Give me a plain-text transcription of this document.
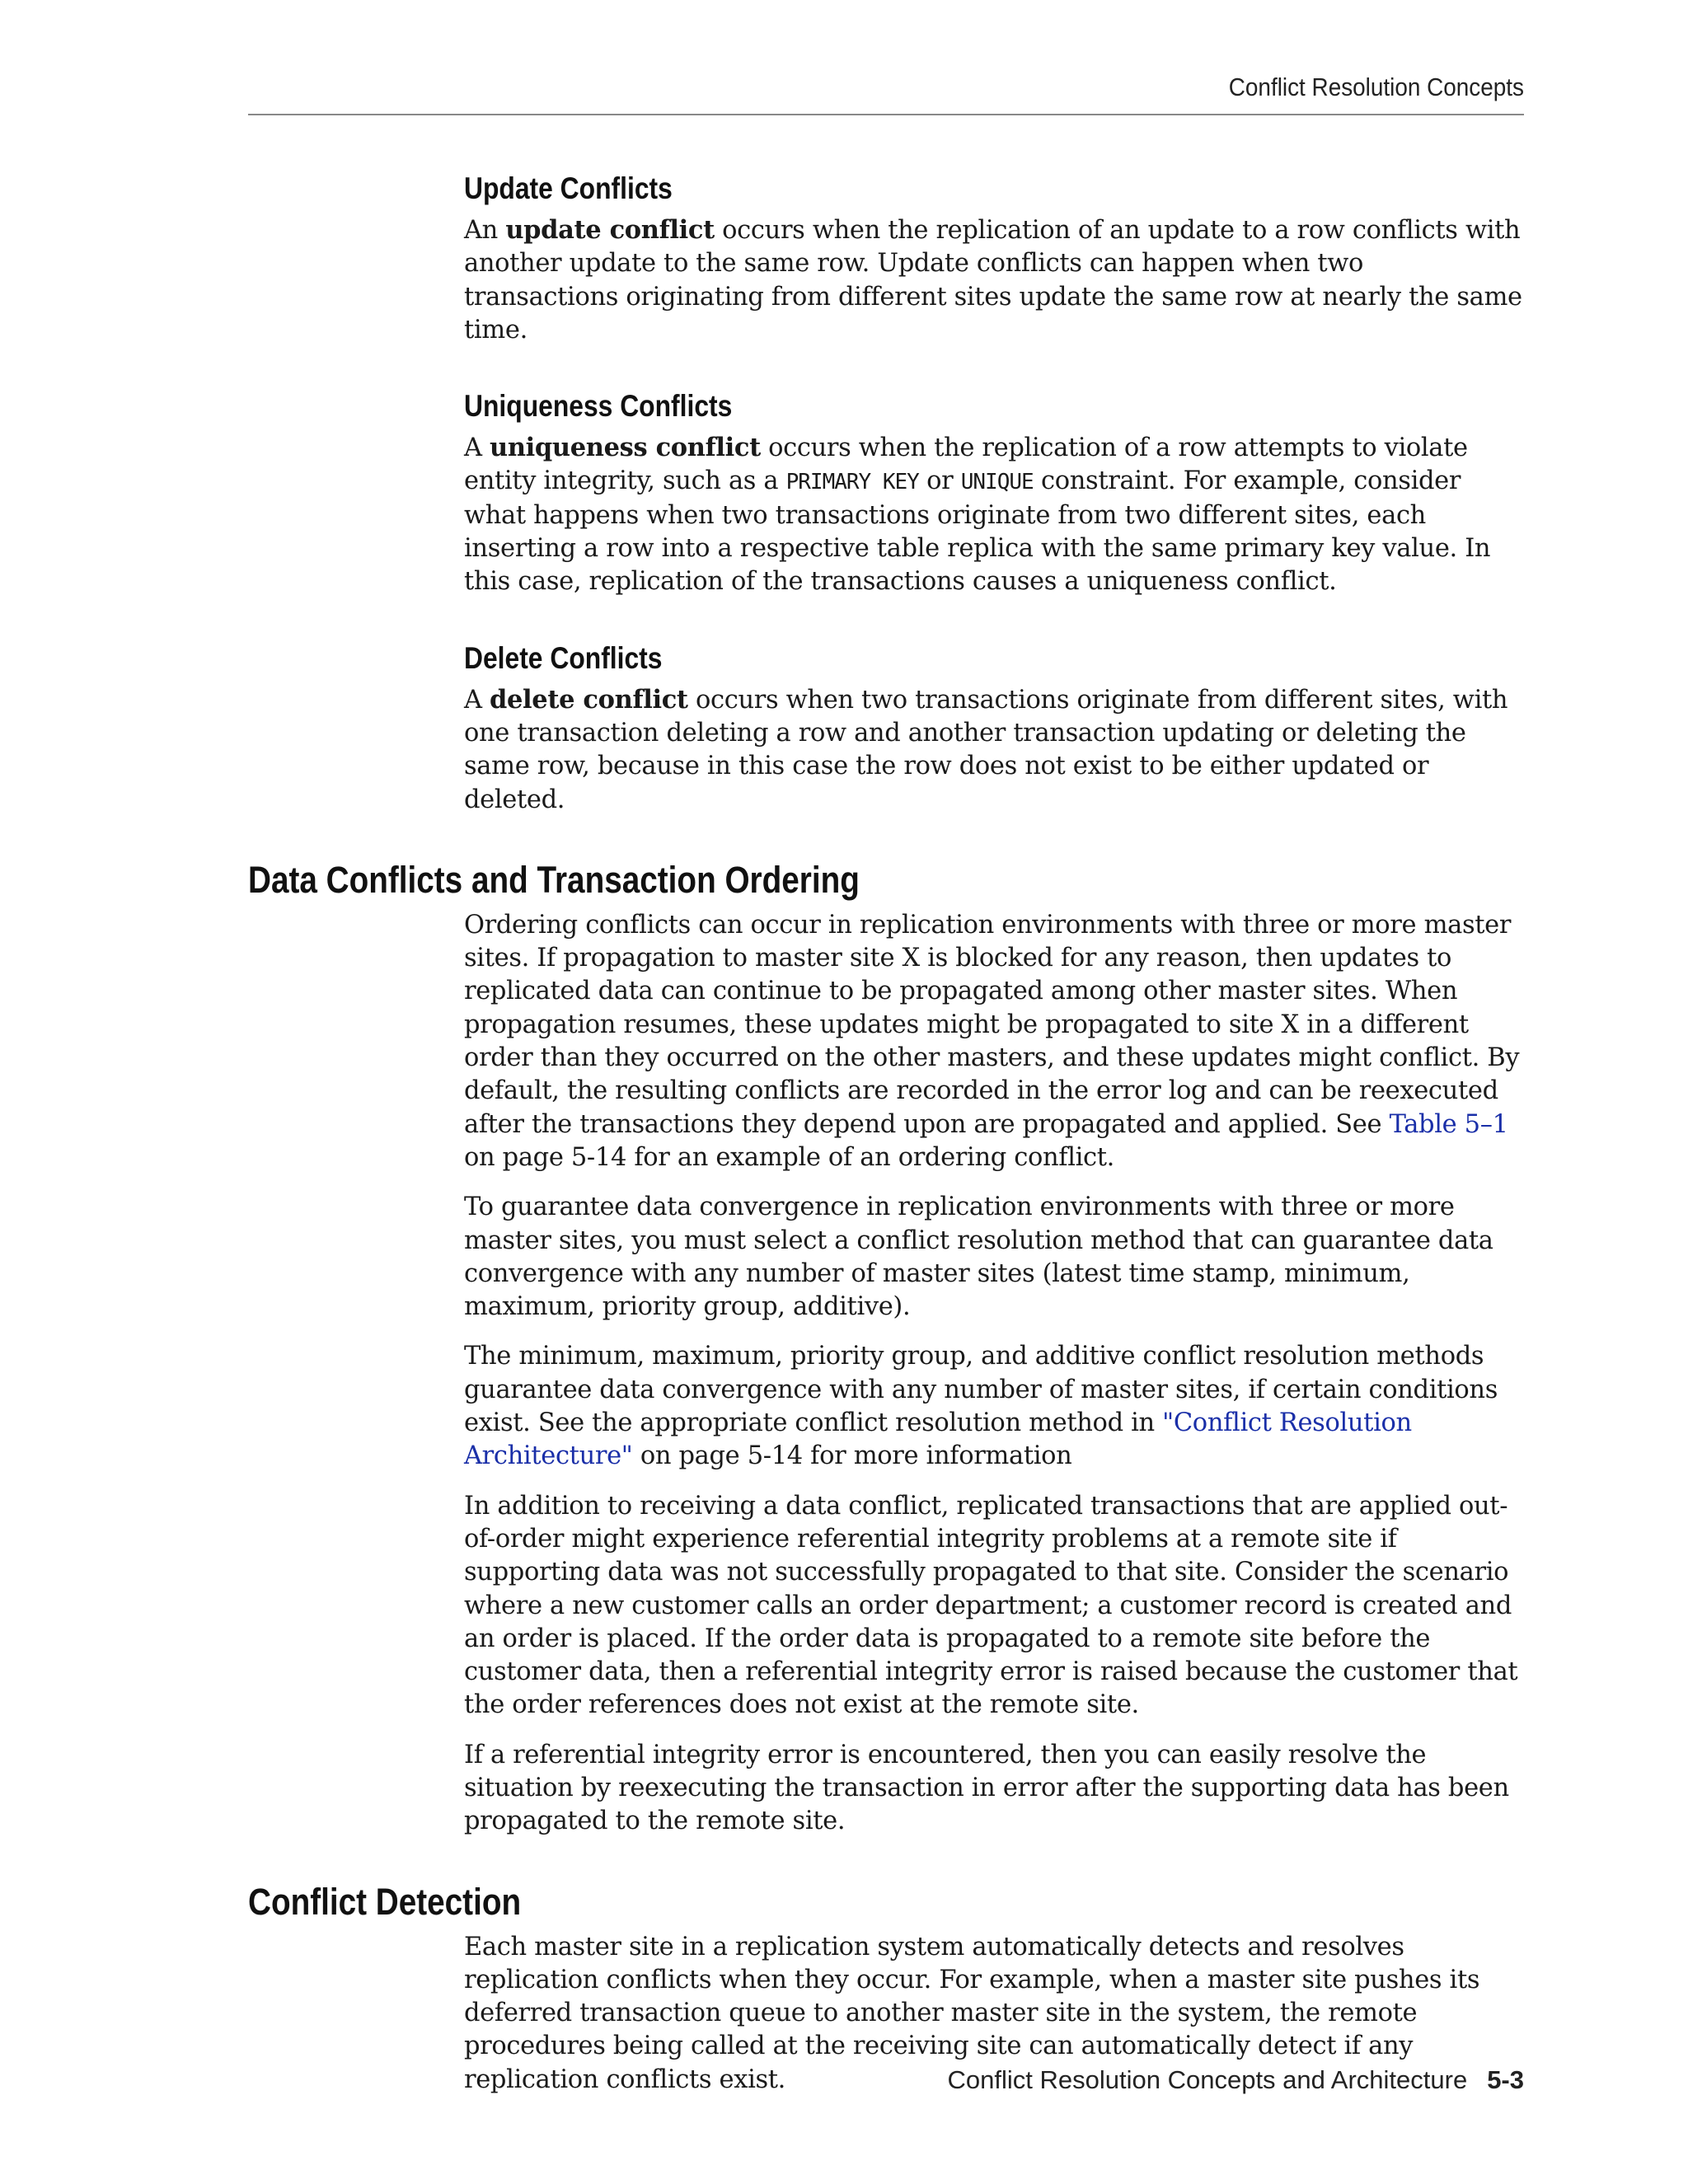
Conflict Resolution Concepts
Update Conflicts

An update conflict occurs when the replication of an update to a row conflicts with another update to the same row. Update conflicts can happen when two transactions originating from different sites update the same row at nearly the same time.

Uniqueness Conflicts

A uniqueness conflict occurs when the replication of a row attempts to violate entity integrity, such as a PRIMARY KEY or UNIQUE constraint. For example, consider what happens when two transactions originate from two different sites, each inserting a row into a respective table replica with the same primary key value. In this case, replication of the transactions causes a uniqueness conflict.

Delete Conflicts

A delete conflict occurs when two transactions originate from different sites, with one transaction deleting a row and another transaction updating or deleting the same row, because in this case the row does not exist to be either updated or deleted.

Data Conflicts and Transaction Ordering

Ordering conflicts can occur in replication environments with three or more master sites. If propagation to master site X is blocked for any reason, then updates to replicated data can continue to be propagated among other master sites. When propagation resumes, these updates might be propagated to site X in a different order than they occurred on the other masters, and these updates might conflict. By default, the resulting conflicts are recorded in the error log and can be reexecuted after the transactions they depend upon are propagated and applied. See Table 5–1 on page 5-14 for an example of an ordering conflict.

To guarantee data convergence in replication environments with three or more master sites, you must select a conflict resolution method that can guarantee data convergence with any number of master sites (latest time stamp, minimum, maximum, priority group, additive).

The minimum, maximum, priority group, and additive conflict resolution methods guarantee data convergence with any number of master sites, if certain conditions exist. See the appropriate conflict resolution method in "Conflict Resolution Architecture" on page 5-14 for more information

In addition to receiving a data conflict, replicated transactions that are applied out-of-order might experience referential integrity problems at a remote site if supporting data was not successfully propagated to that site. Consider the scenario where a new customer calls an order department; a customer record is created and an order is placed. If the order data is propagated to a remote site before the customer data, then a referential integrity error is raised because the customer that the order references does not exist at the remote site.

If a referential integrity error is encountered, then you can easily resolve the situation by reexecuting the transaction in error after the supporting data has been propagated to the remote site.

Conflict Detection

Each master site in a replication system automatically detects and resolves replication conflicts when they occur. For example, when a master site pushes its deferred transaction queue to another master site in the system, the remote procedures being called at the receiving site can automatically detect if any replication conflicts exist.	Conflict Resolution Concepts and Architecture 5-3
